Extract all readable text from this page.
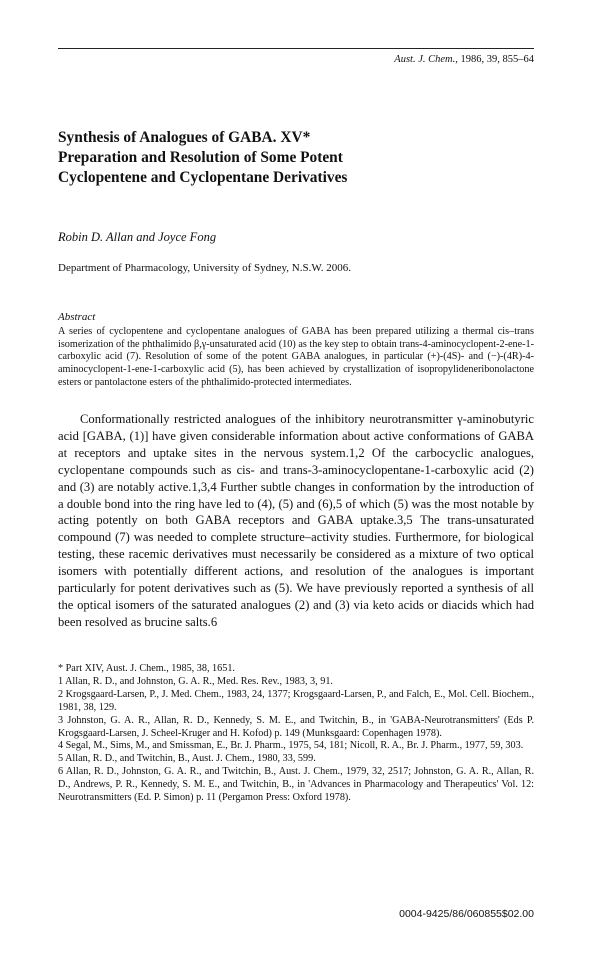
Aust. J. Chem., 1986, 39, 855–64
Synthesis of Analogues of GABA. XV*
Preparation and Resolution of Some Potent
Cyclopentene and Cyclopentane Derivatives
Robin D. Allan and Joyce Fong
Department of Pharmacology, University of Sydney, N.S.W. 2006.
Abstract
A series of cyclopentene and cyclopentane analogues of GABA has been prepared utilizing a thermal cis–trans isomerization of the phthalimido β,γ-unsaturated acid (10) as the key step to obtain trans-4-aminocyclopent-2-ene-1-carboxylic acid (7). Resolution of some of the potent GABA analogues, in particular (+)-(4S)- and (−)-(4R)-4-aminocyclopent-1-ene-1-carboxylic acid (5), has been achieved by crystallization of isopropylideneribonolactone esters or pantolactone esters of the phthalimido-protected intermediates.

Conformationally restricted analogues of the inhibitory neurotransmitter γ-aminobutyric acid [GABA, (1)] have given considerable information about active conformations of GABA at receptors and uptake sites in the nervous system.1,2 Of the carbocyclic analogues, cyclopentane compounds such as cis- and trans-3-aminocyclopentane-1-carboxylic acid (2) and (3) are notably active.1,3,4 Further subtle changes in conformation by the introduction of a double bond into the ring have led to (4), (5) and (6),5 of which (5) was the most notable by acting potently on both GABA receptors and GABA uptake.3,5 The trans-unsaturated compound (7) was needed to complete structure–activity studies. Furthermore, for biological testing, these racemic derivatives must necessarily be considered as a mixture of two optical isomers with potentially different actions, and resolution of the analogues is important particularly for potent derivatives such as (5). We have previously reported a synthesis of all the optical isomers of the saturated analogues (2) and (3) via keto acids or diacids which had been resolved as brucine salts.6

* Part XIV, Aust. J. Chem., 1985, 38, 1651.

1 Allan, R. D., and Johnston, G. A. R., Med. Res. Rev., 1983, 3, 91.

2 Krogsgaard-Larsen, P., J. Med. Chem., 1983, 24, 1377; Krogsgaard-Larsen, P., and Falch, E., Mol. Cell. Biochem., 1981, 38, 129.

3 Johnston, G. A. R., Allan, R. D., Kennedy, S. M. E., and Twitchin, B., in 'GABA-Neurotransmitters' (Eds P. Krogsgaard-Larsen, J. Scheel-Kruger and H. Kofod) p. 149 (Munksgaard: Copenhagen 1978).

4 Segal, M., Sims, M., and Smissman, E., Br. J. Pharm., 1975, 54, 181; Nicoll, R. A., Br. J. Pharm., 1977, 59, 303.

5 Allan, R. D., and Twitchin, B., Aust. J. Chem., 1980, 33, 599.

6 Allan, R. D., Johnston, G. A. R., and Twitchin, B., Aust. J. Chem., 1979, 32, 2517; Johnston, G. A. R., Allan, R. D., Andrews, P. R., Kennedy, S. M. E., and Twitchin, B., in 'Advances in Pharmacology and Therapeutics' Vol. 12: Neurotransmitters (Ed. P. Simon) p. 11 (Pergamon Press: Oxford 1978).

0004-9425/86/060855$02.00
